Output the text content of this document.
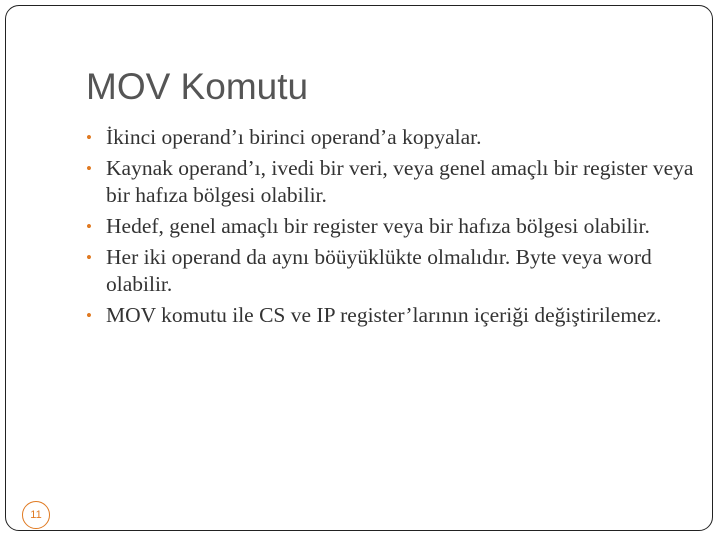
MOV Komutu
• İkinci operand’ı birinci operand’a kopyalar.
• Kaynak operand’ı, ivedi bir veri, veya genel amaçlı bir register veya bir hafıza bölgesi olabilir.
• Hedef, genel amaçlı bir register veya bir hafıza bölgesi olabilir.
• Her iki operand da aynı böüyüklükte olmalıdır. Byte veya word olabilir.
• MOV komutu ile CS ve IP register’larının içeriği değiştirilemez.
11
